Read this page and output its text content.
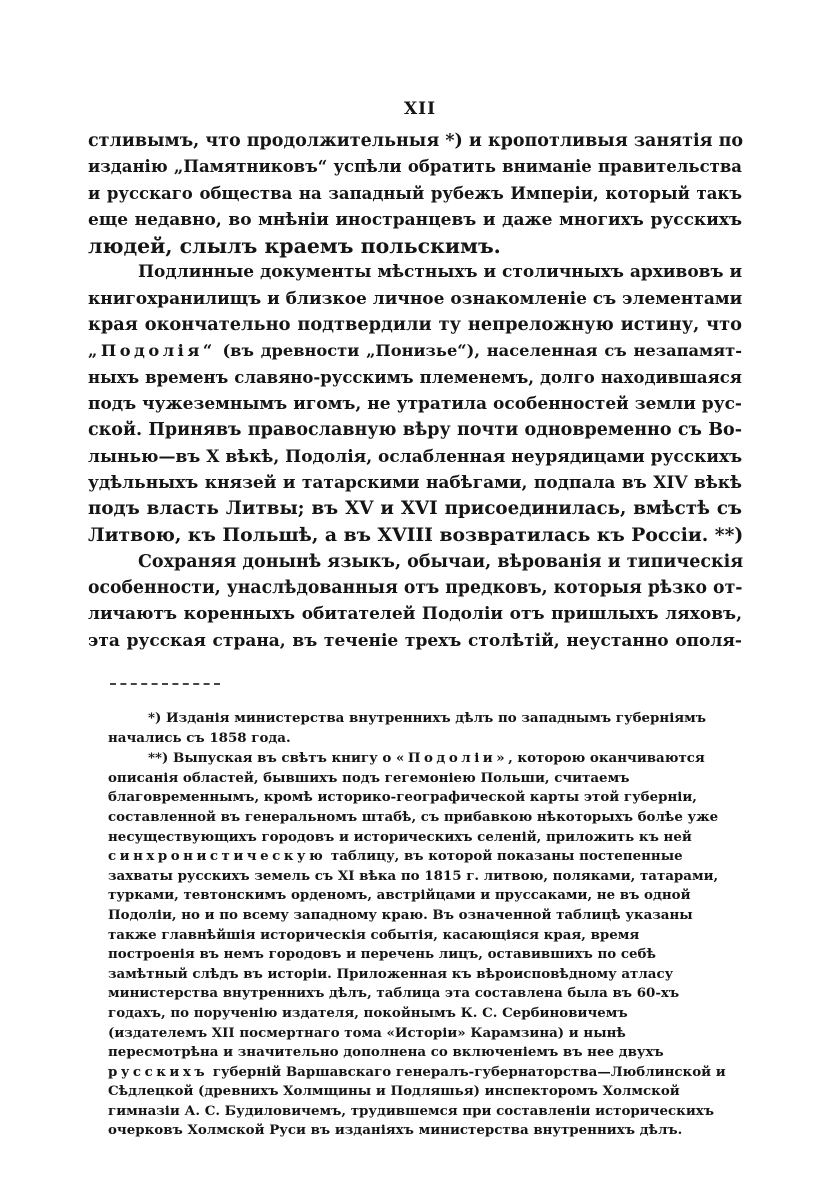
XII
стливымъ, что продолжительныя *) и кропотливыя занятія по
изданію „Памятниковъ“ успѣли обратить вниманіе правительства
и русскаго общества на западный рубежъ Имперіи, который такъ
еще недавно, во мнѣніи иностранцевъ и даже многихъ русскихъ
людей, слылъ краемъ польскимъ.
Подлинные документы мѣстныхъ и столичныхъ архивовъ и
книгохранилищъ и близкое личное ознакомленіе съ элементами
края окончательно подтвердили ту непреложную истину, что
„Подолія“ (въ древности „Понизье“), населенная съ незапамят-
ныхъ временъ славяно-русскимъ племенемъ, долго находившаяся
подъ чужеземнымъ игомъ, не утратила особенностей земли рус-
ской. Принявъ православную вѣру почти одновременно съ Во-
лынью—въ X вѣкѣ, Подолія, ослабленная неурядицами русскихъ
удѣльныхъ князей и татарскими набѣгами, подпала въ XIV вѣкѣ
подъ власть Литвы; въ XV и XVI присоединилась, вмѣстѣ съ
Литвою, къ Польшѣ, а въ XVIII возвратилась къ Россіи. **)
Сохраняя донынѣ языкъ, обычаи, вѣрованія и типическія
особенности, унаслѣдованныя отъ предковъ, которыя рѣзко от-
личаютъ коренныхъ обитателей Подоліи отъ пришлыхъ ляховъ,
эта русская страна, въ теченіе трехъ столѣтій, неустанно ополя-
*) Изданія министерства внутреннихъ дѣлъ по западнымъ губерніямъ начались съ 1858 года.
**) Выпуская въ свѣтъ книгу о «Подоліи», которою оканчиваются описанія областей, бывшихъ подъ гегемоніею Польши, считаемъ благовременнымъ, кромѣ историко-географической карты этой губерніи, составленной въ генеральномъ штабѣ, съ прибавкою нѣкоторыхъ болѣе уже несуществующихъ городовъ и историческихъ селеній, приложить къ ней синхронистическую таблицу, въ которой показаны постепенные захваты русскихъ земель съ XI вѣка по 1815 г. литвою, поляками, татарами, турками, тевтонскимъ орденомъ, австрійцами и пруссаками, не въ одной Подоліи, но и по всему западному краю. Въ означенной таблицѣ указаны также главнѣйшія историческія событія, касающіяся края, время построенія въ немъ городовъ и перечень лицъ, оставившихъ по себѣ замѣтный слѣдъ въ исторіи. Приложенная къ вѣроисповѣдному атласу министерства внутреннихъ дѣлъ, таблица эта составлена была въ 60-хъ годахъ, по порученію издателя, покойнымъ К. С. Сербиновичемъ (издателемъ XII посмертнаго тома «Исторіи» Карамзина) и нынѣ пересмотрѣна и значительно дополнена со включеніемъ въ нее двухъ русскихъ губерній Варшавскаго генералъ-губернаторства—Люблинской и Сѣдлецкой (древнихъ Холмщины и Подляшья) инспекторомъ Холмской гимназіи А. С. Будиловичемъ, трудившемся при составленіи историческихъ очерковъ Холмской Руси въ изданіяхъ министерства внутреннихъ дѣлъ.
